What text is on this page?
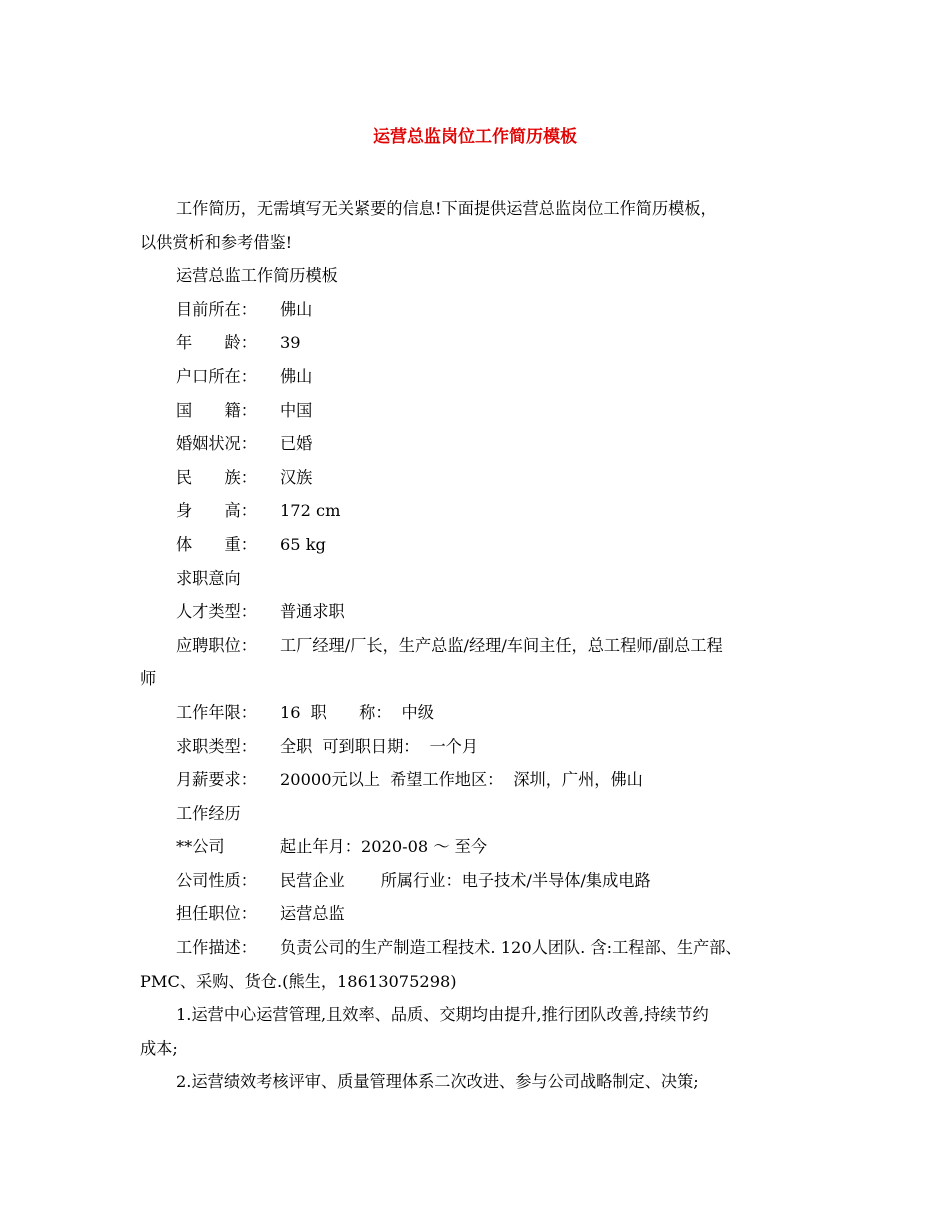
运营总监岗位工作简历模板
工作简历，无需填写无关紧要的信息!下面提供运营总监岗位工作简历模板，
以供赏析和参考借鉴!
运营总监工作简历模板
目前所在： 佛山
年　　龄： 39
户口所在： 佛山
国　　籍： 中国
婚姻状况： 已婚
民　　族： 汉族
身　　高： 172 cm
体　　重： 65 kg
求职意向
人才类型： 普通求职
应聘职位： 工厂经理/厂长，生产总监/经理/车间主任，总工程师/副总工程
师
工作年限： 16 职　　称： 中级
求职类型： 全职 可到职日期： 一个月
月薪要求： 20000元以上 希望工作地区： 深圳，广州，佛山
工作经历
**公司	起止年月：2020-08 ～ 至今
公司性质： 民营企业 所属行业：电子技术/半导体/集成电路
担任职位： 运营总监
工作描述： 负责公司的生产制造工程技术. 120人团队. 含:工程部、生产部、
PMC、采购、货仓.(熊生，18613075298)
1.运营中心运营管理,且效率、品质、交期均由提升,推行团队改善,持续节约
成本;
2.运营绩效考核评审、质量管理体系二次改进、参与公司战略制定、决策;
